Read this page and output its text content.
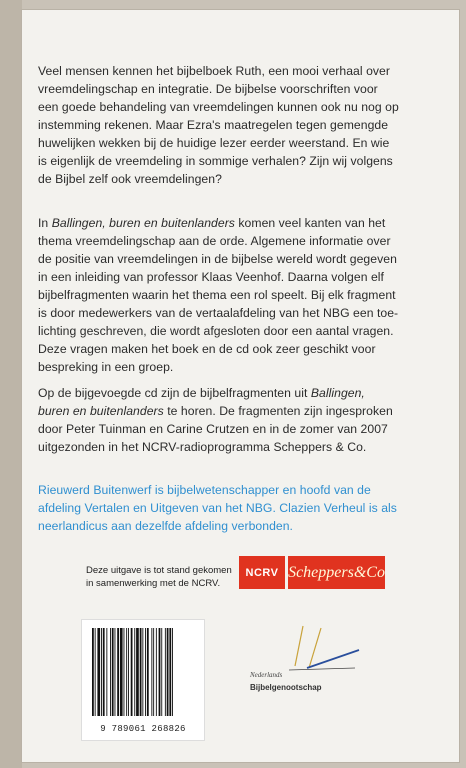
Veel mensen kennen het bijbelboek Ruth, een mooi verhaal over

vreemdelingschap en integratie. De bijbelse voorschriften voor

een goede behandeling van vreemdelingen kunnen ook nu nog op

instemming rekenen. Maar Ezra's maatregelen tegen gemengde

huwelijken wekken bij de huidige lezer eerder weerstand. En wie

is eigenlijk de vreemdeling in sommige verhalen? Zijn wij volgens

de Bijbel zelf ook vreemdelingen?

In Ballingen, buren en buitenlanders komen veel kanten van het

thema vreemdelingschap aan de orde. Algemene informatie over

de positie van vreemdelingen in de bijbelse wereld wordt gegeven

in een inleiding van professor Klaas Veenhof. Daarna volgen elf

bijbelfragmenten waarin het thema een rol speelt. Bij elk fragment

is door medewerkers van de vertaalafdeling van het NBG een toe-

lichting geschreven, die wordt afgesloten door een aantal vragen.

Deze vragen maken het boek en de cd ook zeer geschikt voor

bespreking in een groep.

Op de bijgevoegde cd zijn de bijbelfragmenten uit Ballingen,

buren en buitenlanders te horen. De fragmenten zijn ingesproken

door Peter Tuinman en Carine Crutzen en in de zomer van 2007

uitgezonden in het NCRV-radioprogramma Scheppers & Co.

Rieuwerd Buitenwerf is bijbelwetenschapper en hoofd van de

afdeling Vertalen en Uitgeven van het NBG. Clazien Verheul is als

neerlandicus aan dezelfde afdeling verbonden.

Deze uitgave is tot stand gekomen
in samenwerking met de NCRV.
NCRV Scheppers&Co
9 789061 268826
Nederlands
Bijbelgenootschap
